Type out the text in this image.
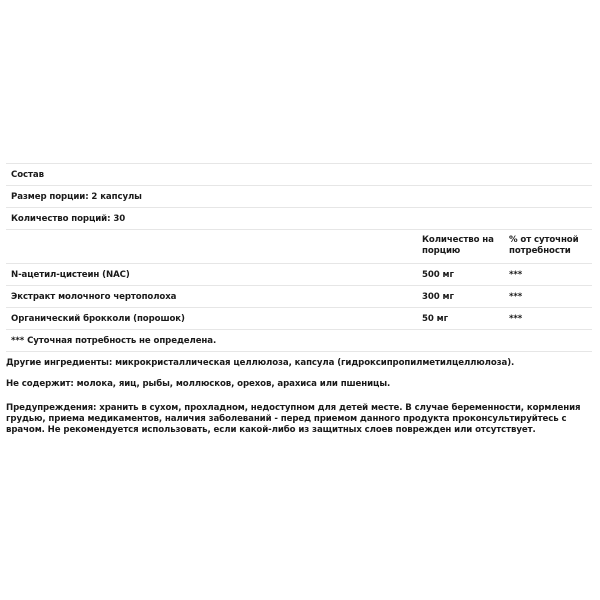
Состав
Размер порции: 2 капсулы
Количество порций: 30
Количество на порцию
% от суточной потребности
N-ацетил-цистеин (NAC)	500 мг	***
Экстракт молочного чертополоха	300 мг	***
Органический брокколи (порошок)	50 мг	***
*** Суточная потребность не определена.
Другие ингредиенты: микрокристаллическая целлюлоза, капсула (гидроксипропилметилцеллюлоза).
Не содержит: молока, яиц, рыбы, моллюсков, орехов, арахиса или пшеницы.
Предупреждения: хранить в сухом, прохладном, недоступном для детей месте. В случае беременности, кормления грудью, приема медикаментов, наличия заболеваний - перед приемом данного продукта проконсультируйтесь с врачом. Не рекомендуется использовать, если какой-либо из защитных слоев поврежден или отсутствует.
